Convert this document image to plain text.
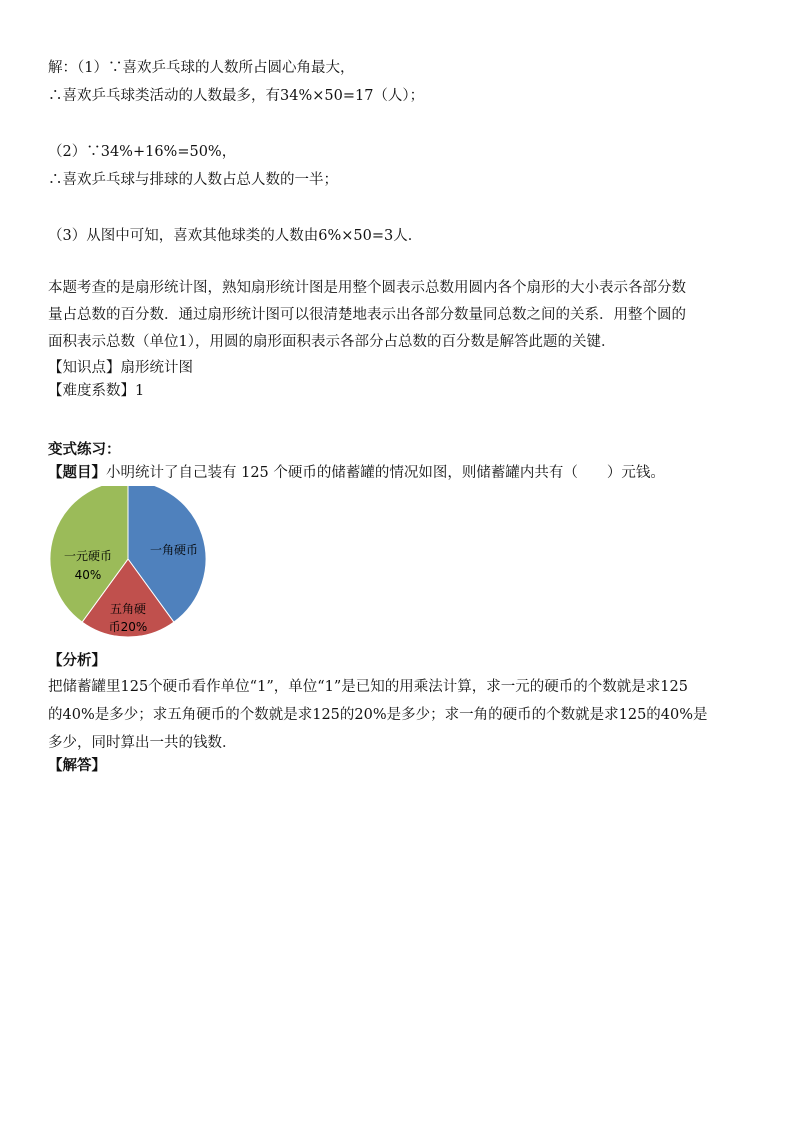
解：（1）∵喜欢乒乓球的人数所占圆心角最大，
∴喜欢乒乓球类活动的人数最多，有34%×50=17（人）；
（2）∵34%+16%=50%，
∴喜欢乒乓球与排球的人数占总人数的一半；
（3）从图中可知，喜欢其他球类的人数由6%×50=3人．
本题考查的是扇形统计图，熟知扇形统计图是用整个圆表示总数用圆内各个扇形的大小表示各部分数
量占总数的百分数．通过扇形统计图可以很清楚地表示出各部分数量同总数之间的关系．用整个圆的
面积表示总数（单位1），用圆的扇形面积表示各部分占总数的百分数是解答此题的关键．
【知识点】扇形统计图
【难度系数】1
变式练习：
【题目】小明统计了自己装有 125 个硬币的储蓄罐的情况如图，则储蓄罐内共有（　　）元钱。
一角硬币
五角硬
币20%
一元硬币
40%
【分析】
把储蓄罐里125个硬币看作单位“1”，单位“1”是已知的用乘法计算，求一元的硬币的个数就是求125
的40%是多少；求五角硬币的个数就是求125的20%是多少；求一角的硬币的个数就是求125的40%是
多少，同时算出一共的钱数．
【解答】
